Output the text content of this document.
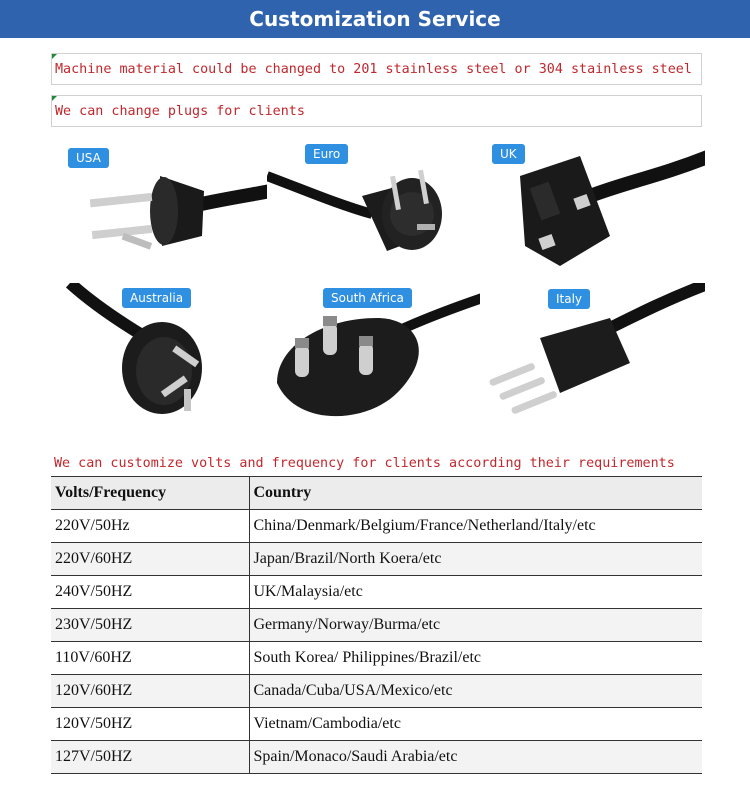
Customization Service
Machine material could be changed to 201 stainless steel or 304 stainless steel
We can change plugs for clients
USA	Euro	UK
Australia	South Africa	Italy
We can customize volts and frequency for clients according their requirements
Volts/Frequency	Country
220V/50Hz	China/Denmark/Belgium/France/Netherland/Italy/etc
220V/60HZ	Japan/Brazil/North Koera/etc
240V/50HZ	UK/Malaysia/etc
230V/50HZ	Germany/Norway/Burma/etc
110V/60HZ	South Korea/ Philippines/Brazil/etc
120V/60HZ	Canada/Cuba/USA/Mexico/etc
120V/50HZ	Vietnam/Cambodia/etc
127V/50HZ	Spain/Monaco/Saudi Arabia/etc
